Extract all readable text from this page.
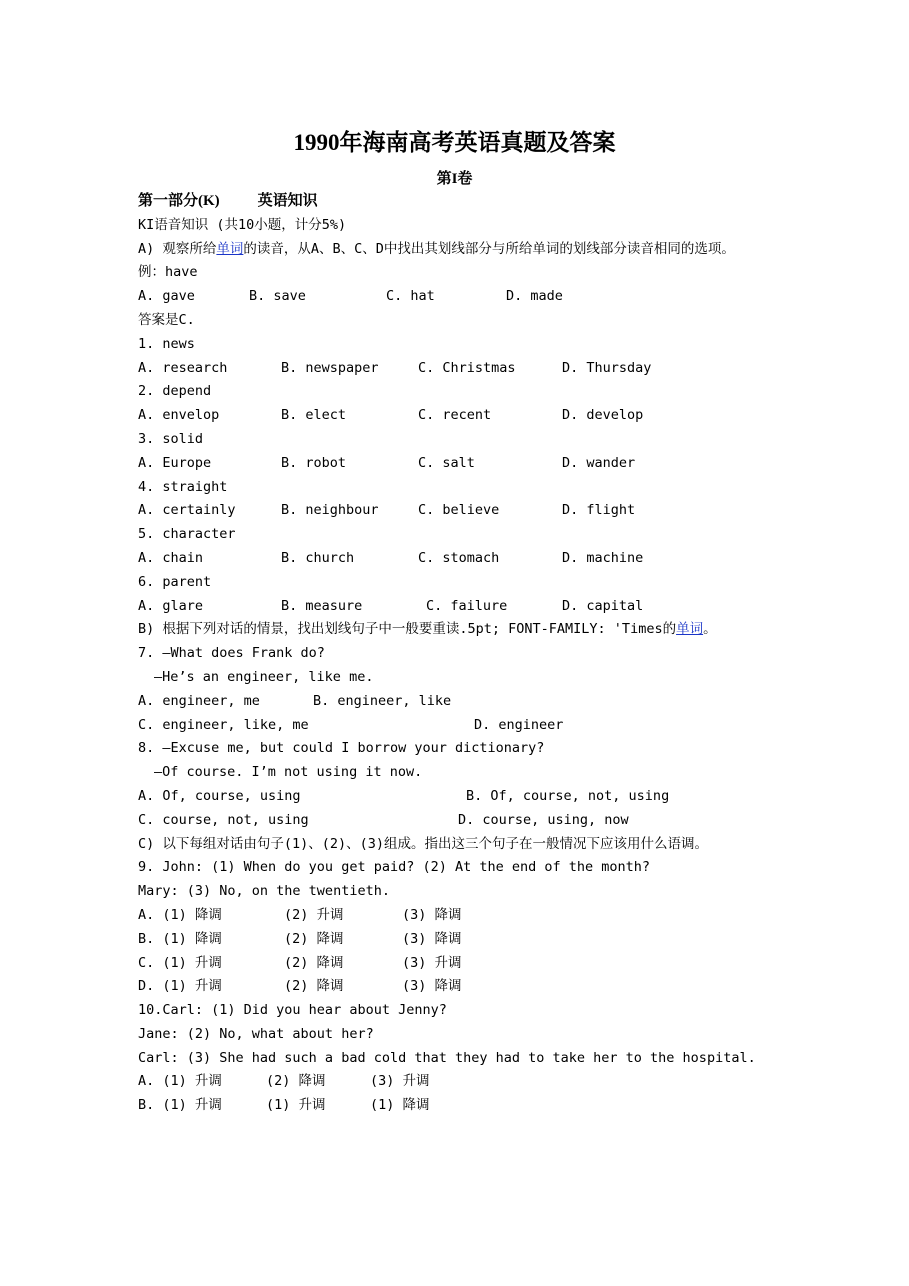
1990年海南高考英语真题及答案
第I卷
第一部分(K)	英语知识
KI语音知识 (共10小题，计分5%)
A) 观察所给单词的读音，从A、B、C、D中找出其划线部分与所给单词的划线部分读音相同的选项。
例：have
A. gave	B. save	C. hat	D. made
答案是C.
1. news
A. research	B. newspaper	C. Christmas	D. Thursday
2. depend
A. envelop	B. elect	C. recent	D. develop
3. solid
A. Europe	B. robot	C. salt	D. wander
4. straight
A. certainly	B. neighbour	C. believe	D. flight
5. character
A. chain	B. church	C. stomach	D. machine
6. parent
A. glare	B. measure	C. failure	D. capital
B) 根据下列对话的情景，找出划线句子中一般要重读.5pt; FONT-FAMILY: 'Times的单词。
7. —What does Frank do?
—He’s an engineer, like me.
A. engineer, me	B. engineer, like
C. engineer, like, me	D. engineer
8. —Excuse me, but could I borrow your dictionary?
—Of course. I’m not using it now.
A. Of, course, using	B. Of, course, not, using
C. course, not, using	D. course, using, now
C) 以下每组对话由句子(1)、(2)、(3)组成。指出这三个句子在一般情况下应该用什么语调。
9. John: (1) When do you get paid? (2) At the end of the month?
Mary: (3) No, on the twentieth.
A. (1) 降调	(2) 升调	(3) 降调
B. (1) 降调	(2) 降调	(3) 降调
C. (1) 升调	(2) 降调	(3) 升调
D. (1) 升调	(2) 降调	(3) 降调
10.Carl: (1) Did you hear about Jenny?
Jane: (2) No, what about her?
Carl: (3) She had such a bad cold that they had to take her to the hospital.
A. (1) 升调	(2) 降调	(3) 升调
B. (1) 升调	(1) 升调	(1) 降调
